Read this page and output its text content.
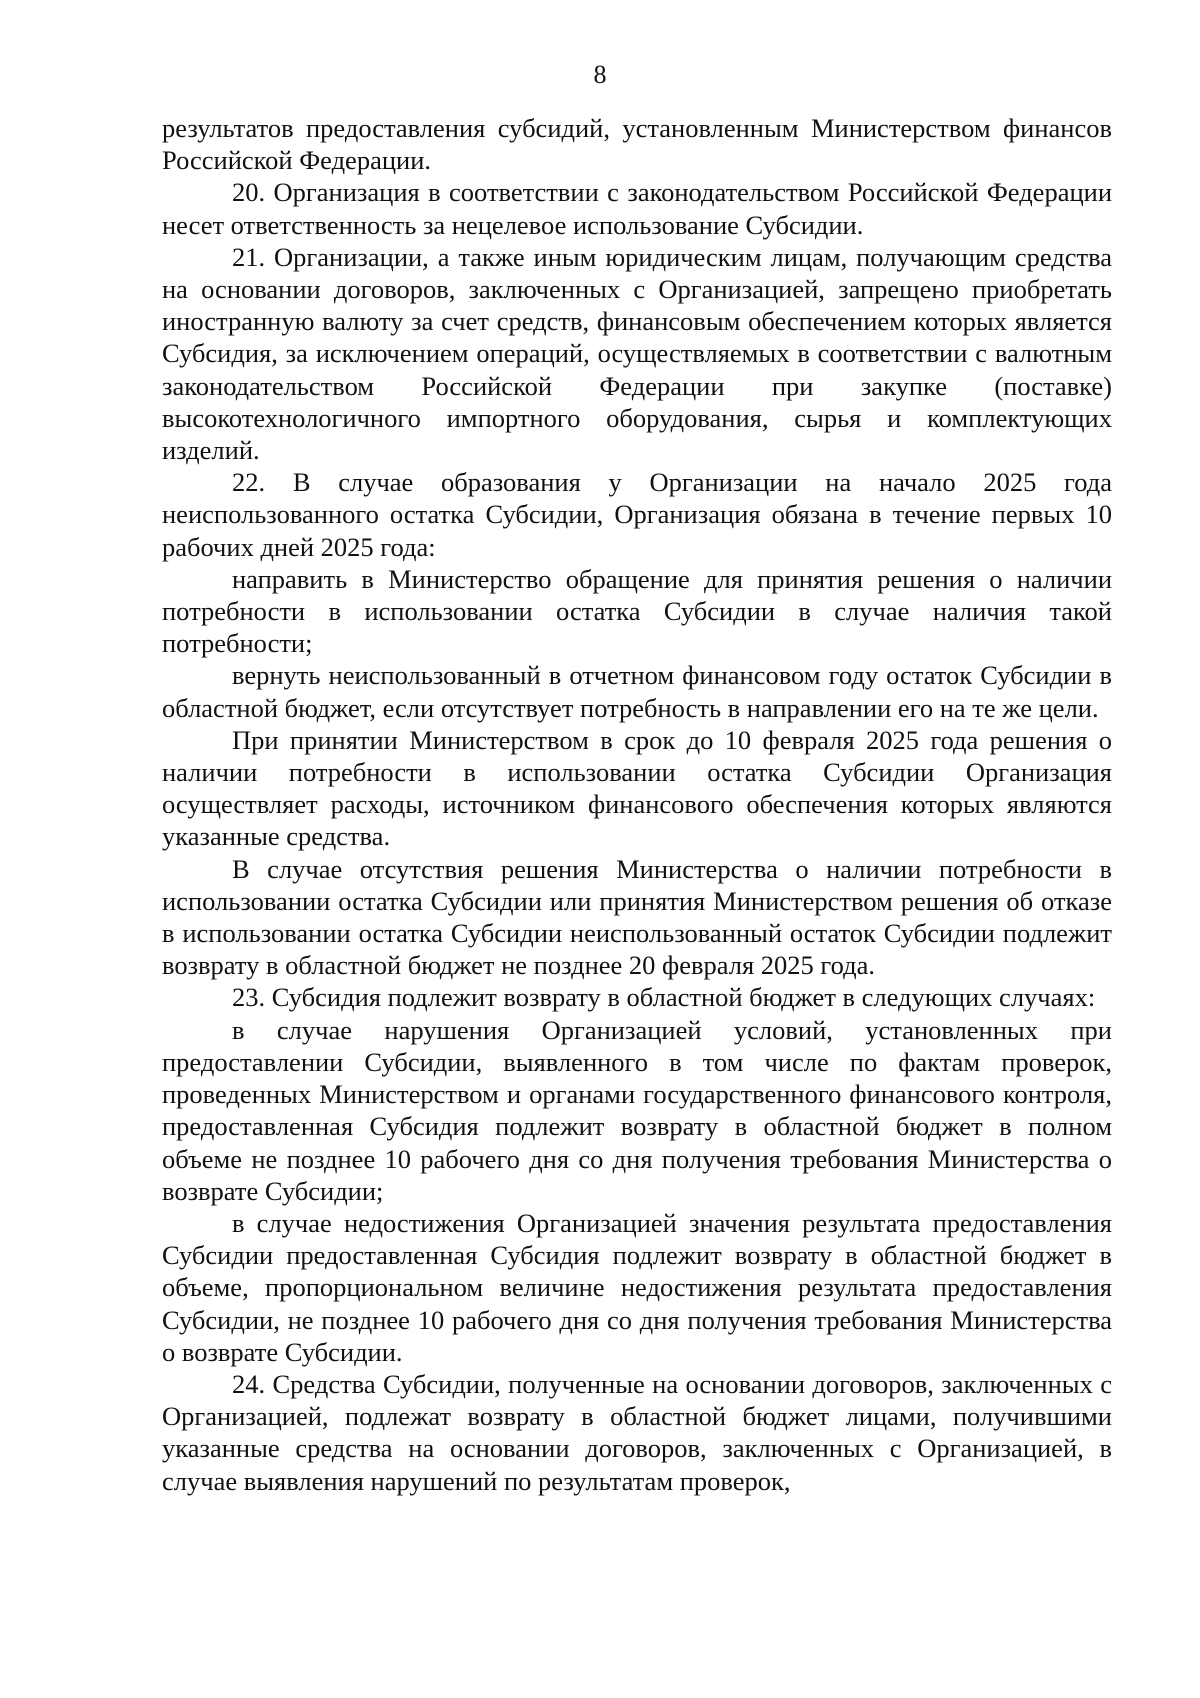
8

результатов предоставления субсидий, установленным Министерством финансов Российской Федерации.

20. Организация в соответствии с законодательством Российской Федерации несет ответственность за нецелевое использование Субсидии.

21. Организации, а также иным юридическим лицам, получающим средства на основании договоров, заключенных с Организацией, запрещено приобретать иностранную валюту за счет средств, финансовым обеспечением которых является Субсидия, за исключением операций, осуществляемых в соответствии с валютным законодательством Российской Федерации при закупке (поставке) высокотехнологичного импортного оборудования, сырья и комплектующих изделий.

22. В случае образования у Организации на начало 2025 года неиспользованного остатка Субсидии, Организация обязана в течение первых 10 рабочих дней 2025 года:

направить в Министерство обращение для принятия решения о наличии потребности в использовании остатка Субсидии в случае наличия такой потребности;

вернуть неиспользованный в отчетном финансовом году остаток Субсидии в областной бюджет, если отсутствует потребность в направлении его на те же цели.

При принятии Министерством в срок до 10 февраля 2025 года решения о наличии потребности в использовании остатка Субсидии Организация осуществляет расходы, источником финансового обеспечения которых являются указанные средства.

В случае отсутствия решения Министерства о наличии потребности в использовании остатка Субсидии или принятия Министерством решения об отказе в использовании остатка Субсидии неиспользованный остаток Субсидии подлежит возврату в областной бюджет не позднее 20 февраля 2025 года.

23. Субсидия подлежит возврату в областной бюджет в следующих случаях:

в случае нарушения Организацией условий, установленных при предоставлении Субсидии, выявленного в том числе по фактам проверок, проведенных Министерством и органами государственного финансового контроля, предоставленная Субсидия подлежит возврату в областной бюджет в полном объеме не позднее 10 рабочего дня со дня получения требования Министерства о возврате Субсидии;

в случае недостижения Организацией значения результата предоставления Субсидии предоставленная Субсидия подлежит возврату в областной бюджет в объеме, пропорциональном величине недостижения результата предоставления Субсидии, не позднее 10 рабочего дня со дня получения требования Министерства о возврате Субсидии.

24. Средства Субсидии, полученные на основании договоров, заключенных с Организацией, подлежат возврату в областной бюджет лицами, получившими указанные средства на основании договоров, заключенных с Организацией, в случае выявления нарушений по результатам проверок,
